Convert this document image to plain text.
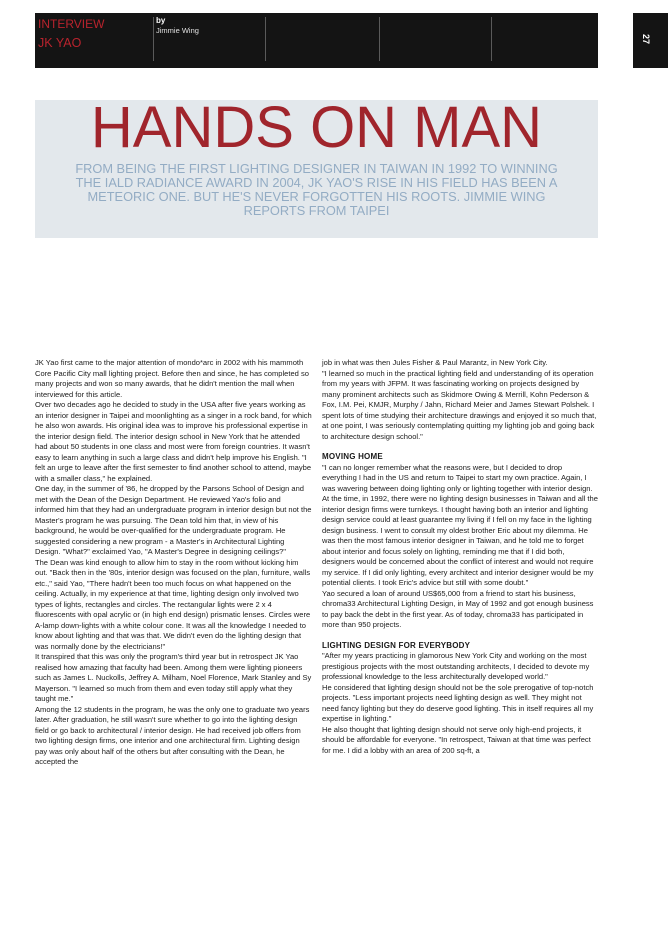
INTERVIEW
JK YAO
by
Jimmie Wing
27
HANDS ON MAN
FROM BEING THE FIRST LIGHTING DESIGNER IN TAIWAN IN 1992 TO WINNING THE IALD RADIANCE AWARD IN 2004, JK YAO'S RISE IN HIS FIELD HAS BEEN A METEORIC ONE. BUT HE'S NEVER FORGOTTEN HIS ROOTS. JIMMIE WING REPORTS FROM TAIPEI

JK Yao first came to the major attention of mondo*arc in 2002 with his mammoth Core Pacific City mall lighting project. Before then and since, he has completed so many projects and won so many awards, that he didn't mention the mall when interviewed for this article.

Over two decades ago he decided to study in the USA after five years working as an interior designer in Taipei and moonlighting as a singer in a rock band, for which he also won awards. His original idea was to improve his professional expertise in the interior design field. The interior design school in New York that he attended had about 50 students in one class and most were from foreign countries. It wasn't easy to learn anything in such a large class and didn't help improve his English. "I felt an urge to leave after the first semester to find another school to attend, maybe with a smaller class," he explained.

One day, in the summer of '86, he dropped by the Parsons School of Design and met with the Dean of the Design Department. He reviewed Yao's folio and informed him that they had an undergraduate program in interior design but not the Master's program he was pursuing. The Dean told him that, in view of his background, he would be over-qualified for the undergraduate program. He suggested considering a new program - a Master's in Architectural Lighting Design. "What?" exclaimed Yao, "A Master's Degree in designing ceilings?"

The Dean was kind enough to allow him to stay in the room without kicking him out. "Back then in the '80s, interior design was focused on the plan, furniture, walls etc.," said Yao, "There hadn't been too much focus on what happened on the ceiling. Actually, in my experience at that time, lighting design only involved two types of lights, rectangles and circles. The rectangular lights were 2 x 4 fluorescents with opal acrylic or (in high end design) prismatic lenses. Circles were A-lamp down-lights with a white colour cone. It was all the knowledge I needed to know about lighting and that was that. We didn't even do the lighting design that was normally done by the electricians!"

It transpired that this was only the program's third year but in retrospect JK Yao realised how amazing that faculty had been. Among them were lighting pioneers such as James L. Nuckolls, Jeffrey A. Milham, Noel Florence, Mark Stanley and Sy Mayerson. "I learned so much from them and even today still apply what they taught me."

Among the 12 students in the program, he was the only one to graduate two years later. After graduation, he still wasn't sure whether to go into the lighting design field or go back to architectural / interior design. He had received job offers from two lighting design firms, one interior and one architectural firm. Lighting design pay was only about half of the others but after consulting with the Dean, he accepted the

job in what was then Jules Fisher & Paul Marantz, in New York City.

"I learned so much in the practical lighting field and understanding of its operation from my years with JFPM. It was fascinating working on projects designed by many prominent architects such as Skidmore Owing & Merrill, Kohn Pederson & Fox, I.M. Pei, KMJR, Murphy / Jahn, Richard Meier and James Stewart Polshek. I spent lots of time studying their architecture drawings and enjoyed it so much that, at one point, I was seriously contemplating quitting my lighting job and going back to architecture design school."

MOVING HOME

"I can no longer remember what the reasons were, but I decided to drop everything I had in the US and return to Taipei to start my own practice. Again, I was wavering between doing lighting only or lighting together with interior design. At the time, in 1992, there were no lighting design businesses in Taiwan and all the interior design firms were turnkeys. I thought having both an interior and lighting design service could at least guarantee my living if I fell on my face in the lighting design business. I went to consult my oldest brother Eric about my dilemma. He was then the most famous interior designer in Taiwan, and he told me to forget about interior and focus solely on lighting, reminding me that if I did both, designers would be concerned about the conflict of interest and would not require my service. If I did only lighting, every architect and interior designer would be my potential clients. I took Eric's advice but still with some doubt."

Yao secured a loan of around US$65,000 from a friend to start his business, chroma33 Architectural Lighting Design, in May of 1992 and got enough business to pay back the debt in the first year. As of today, chroma33 has participated in more than 950 projects.

LIGHTING DESIGN FOR EVERYBODY

"After my years practicing in glamorous New York City and working on the most prestigious projects with the most outstanding architects, I decided to devote my professional knowledge to the less architecturally developed world."

He considered that lighting design should not be the sole prerogative of top-notch projects. "Less important projects need lighting design as well. They might not need fancy lighting but they do deserve good lighting. This in itself requires all my expertise in lighting."

He also thought that lighting design should not serve only high-end projects, it should be affordable for everyone. "In retrospect, Taiwan at that time was perfect for me. I did a lobby with an area of 200 sq-ft, a
